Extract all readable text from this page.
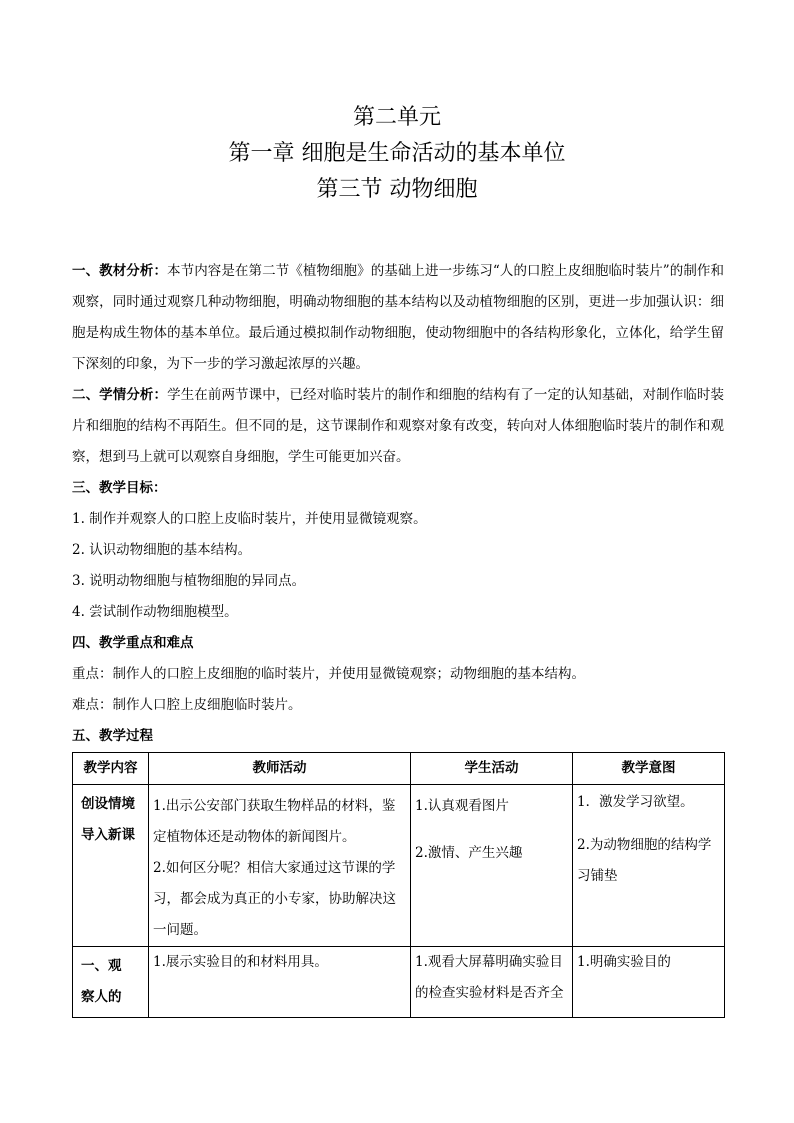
第二单元
第一章 细胞是生命活动的基本单位
第三节 动物细胞

一、教材分析：本节内容是在第二节《植物细胞》的基础上进一步练习“人的口腔上皮细胞临时装片”的制作和观察，同时通过观察几种动物细胞，明确动物细胞的基本结构以及动植物细胞的区别，更进一步加强认识：细胞是构成生物体的基本单位。最后通过模拟制作动物细胞，使动物细胞中的各结构形象化，立体化，给学生留下深刻的印象，为下一步的学习激起浓厚的兴趣。

二、学情分析：学生在前两节课中，已经对临时装片的制作和细胞的结构有了一定的认知基础，对制作临时装片和细胞的结构不再陌生。但不同的是，这节课制作和观察对象有改变，转向对人体细胞临时装片的制作和观察，想到马上就可以观察自身细胞，学生可能更加兴奋。

三、教学目标：

1. 制作并观察人的口腔上皮临时装片，并使用显微镜观察。

2. 认识动物细胞的基本结构。

3. 说明动物细胞与植物细胞的异同点。

4. 尝试制作动物细胞模型。

四、教学重点和难点

重点：制作人的口腔上皮细胞的临时装片，并使用显微镜观察；动物细胞的基本结构。

难点：制作人口腔上皮细胞临时装片。

五、教学过程

教学内容	教师活动	学生活动	教学意图

创设情境
导入新课	1.出示公安部门获取生物样品的材料，鉴定植物体还是动物体的新闻图片。
2.如何区分呢？相信大家通过这节课的学习，都会成为真正的小专家，协助解决这一问题。	1.认真观看图片
2.激情、产生兴趣	1．激发学习欲望。
2.为动物细胞的结构学习铺垫

一、观
察人的	1.展示实验目的和材料用具。	1.观看大屏幕明确实验目的检查实验材料是否齐全	1.明确实验目的
